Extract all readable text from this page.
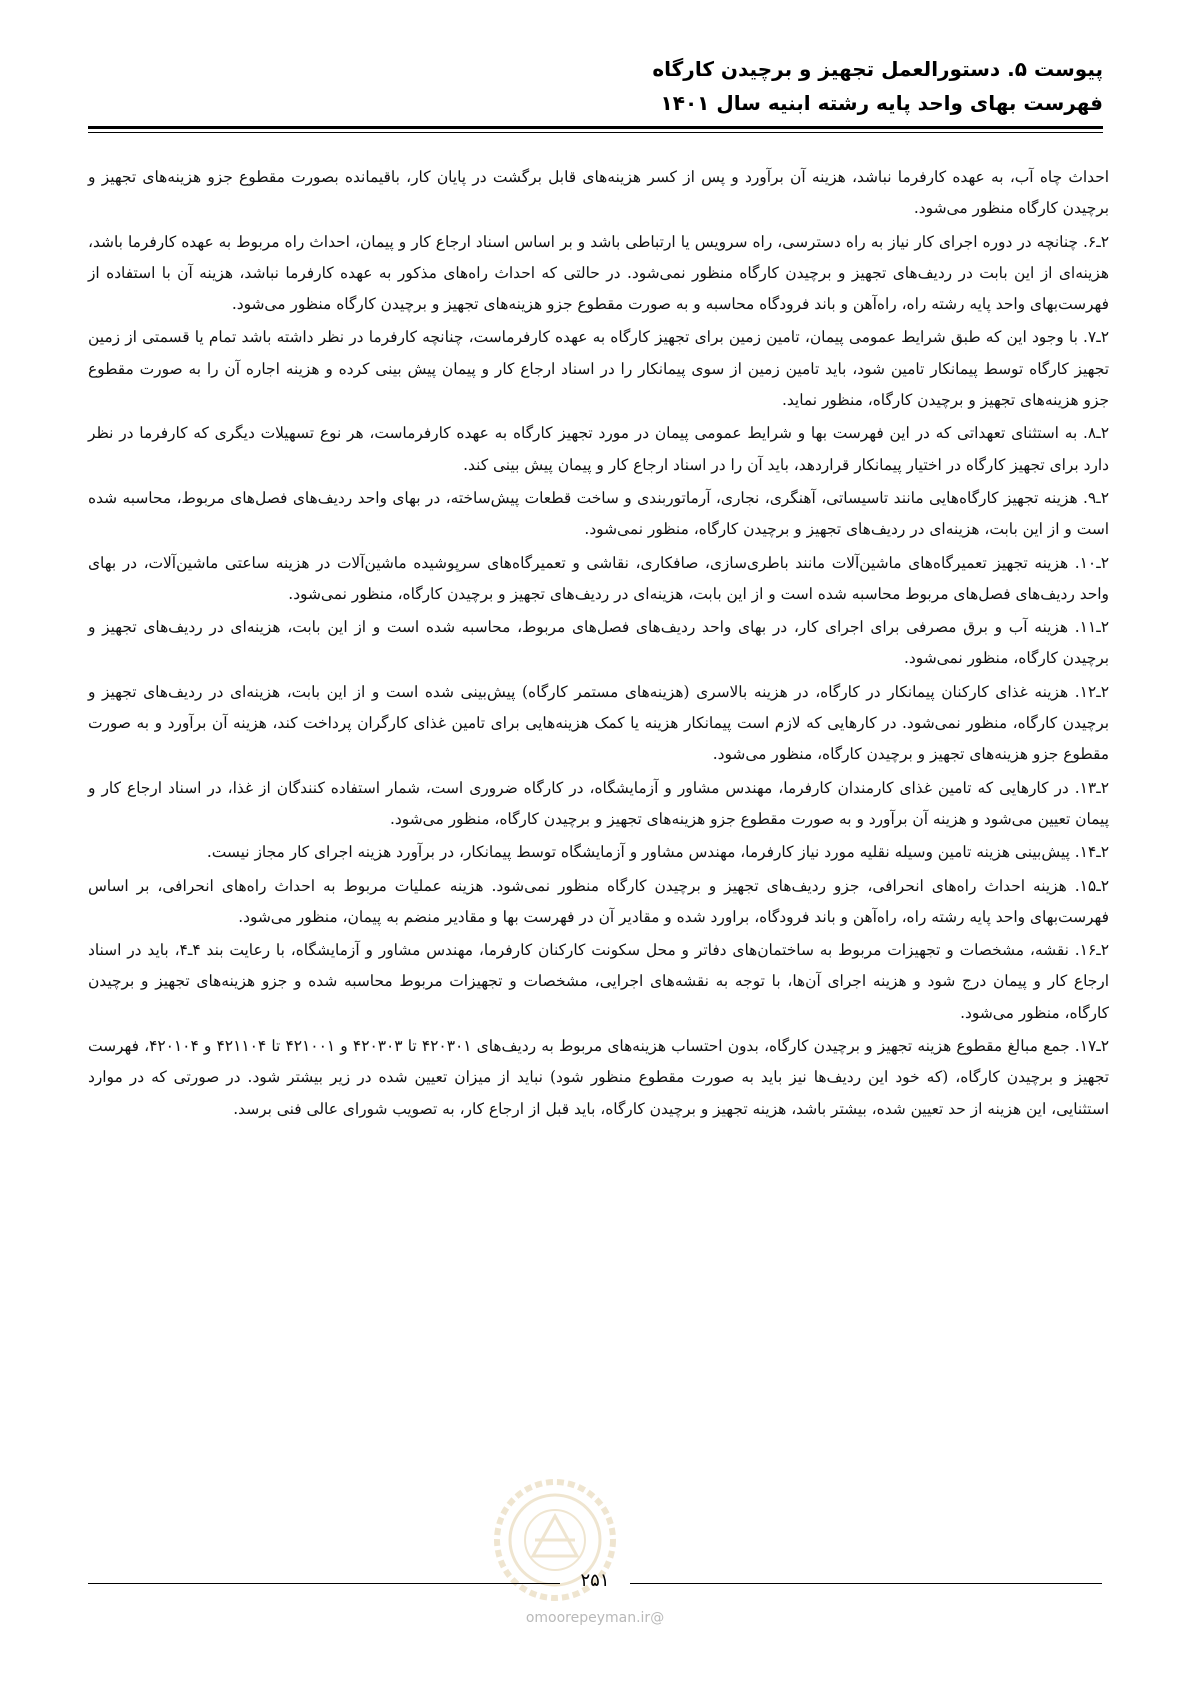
پیوست ۵. دستورالعمل تجهیز و برچیدن کارگاه
فهرست بهای واحد پایه رشته ابنیه سال ۱۴۰۱

احداث چاه آب، به عهده کارفرما نباشد، هزینه آن برآورد و پس از کسر هزینه‌های قابل برگشت در پایان کار، باقیمانده بصورت مقطوع جزو هزینه‌های تجهیز و برچیدن کارگاه منظور می‌شود.

۲ـ۶. چنانچه در دوره اجرای کار نیاز به راه دسترسی، راه سرویس یا ارتباطی باشد و بر اساس اسناد ارجاع کار و پیمان، احداث راه مربوط به عهده کارفرما باشد، هزینه‌ای از این بابت در ردیف‌های تجهیز و برچیدن کارگاه منظور نمی‌شود. در حالتی که احداث راه‌های مذکور به عهده کارفرما نباشد، هزینه آن با استفاده از فهرست‌بهای واحد پایه رشته راه، راه‌آهن و باند فرودگاه محاسبه و به صورت مقطوع جزو هزینه‌های تجهیز و برچیدن کارگاه منظور می‌شود.

۲ـ۷. با وجود این که طبق شرایط عمومی پیمان، تامین زمین برای تجهیز کارگاه به عهده کارفرماست، چنانچه کارفرما در نظر داشته باشد تمام یا قسمتی از زمین تجهیز کارگاه توسط پیمانکار تامین شود، باید تامین زمین از سوی پیمانکار را در اسناد ارجاع کار و پیمان پیش بینی کرده و هزینه اجاره آن را به صورت مقطوع جزو هزینه‌های تجهیز و برچیدن کارگاه، منظور نماید.

۲ـ۸. به استثنای تعهداتی که در این فهرست بها و شرایط عمومی پیمان در مورد تجهیز کارگاه به عهده کارفرماست، هر نوع تسهیلات دیگری که کارفرما در نظر دارد برای تجهیز کارگاه در اختیار پیمانکار قراردهد، باید آن را در اسناد ارجاع کار و پیمان پیش بینی کند.

۲ـ۹. هزینه تجهیز کارگاه‌هایی مانند تاسیساتی، آهنگری، نجاری، آرماتوربندی و ساخت قطعات پیش‌ساخته، در بهای واحد ردیف‌های فصل‌های مربوط، محاسبه شده است و از این بابت، هزینه‌ای در ردیف‌های تجهیز و برچیدن کارگاه، منظور نمی‌شود.

۲ـ۱۰. هزینه تجهیز تعمیرگاه‌های ماشین‌آلات مانند باطری‌سازی، صافکاری، نقاشی و تعمیرگاه‌های سرپوشیده ماشین‌آلات در هزینه ساعتی ماشین‌آلات، در بهای واحد ردیف‌های فصل‌های مربوط محاسبه شده است و از این بابت، هزینه‌ای در ردیف‌های تجهیز و برچیدن کارگاه، منظور نمی‌شود.

۲ـ۱۱. هزینه آب و برق مصرفی برای اجرای کار، در بهای واحد ردیف‌های فصل‌های مربوط، محاسبه شده است و از این بابت، هزینه‌ای در ردیف‌های تجهیز و برچیدن کارگاه، منظور نمی‌شود.

۲ـ۱۲. هزینه غذای کارکنان پیمانکار در کارگاه، در هزینه بالاسری (هزینه‌های مستمر کارگاه) پیش‌بینی شده است و از این بابت، هزینه‌ای در ردیف‌های تجهیز و برچیدن کارگاه، منظور نمی‌شود. در کارهایی که لازم است پیمانکار هزینه یا کمک هزینه‌هایی برای تامین غذای کارگران پرداخت کند، هزینه آن برآورد و به صورت مقطوع جزو هزینه‌های تجهیز و برچیدن کارگاه، منظور می‌شود.

۲ـ۱۳. در کارهایی که تامین غذای کارمندان کارفرما، مهندس مشاور و آزمایشگاه، در کارگاه ضروری است، شمار استفاده کنندگان از غذا، در اسناد ارجاع کار و پیمان تعیین می‌شود و هزینه آن برآورد و به صورت مقطوع جزو هزینه‌های تجهیز و برچیدن کارگاه، منظور می‌شود.

۲ـ۱۴. پیش‌بینی هزینه تامین وسیله نقلیه مورد نیاز کارفرما، مهندس مشاور و آزمایشگاه توسط پیمانکار، در برآورد هزینه اجرای کار مجاز نیست.

۲ـ۱۵. هزینه احداث راه‌های انحرافی، جزو ردیف‌های تجهیز و برچیدن کارگاه منظور نمی‌شود. هزینه عملیات مربوط به احداث راه‌های انحرافی، بر اساس فهرست‌بهای واحد پایه رشته راه، راه‌آهن و باند فرودگاه، براورد شده و مقادیر آن در فهرست بها و مقادیر منضم به پیمان، منظور می‌شود.

۲ـ۱۶. نقشه، مشخصات و تجهیزات مربوط به ساختمان‌های دفاتر و محل سکونت کارکنان کارفرما، مهندس مشاور و آزمایشگاه، با رعایت بند ۴ـ۴، باید در اسناد ارجاع کار و پیمان درج شود و هزینه اجرای آن‌ها، با توجه به نقشه‌های اجرایی، مشخصات و تجهیزات مربوط محاسبه شده و جزو هزینه‌های تجهیز و برچیدن کارگاه، منظور می‌شود.

۲ـ۱۷. جمع مبالغ مقطوع هزینه تجهیز و برچیدن کارگاه، بدون احتساب هزینه‌های مربوط به ردیف‌های ۴۲۰۳۰۱ تا ۴۲۰۳۰۳ و ۴۲۱۰۰۱ تا ۴۲۱۱۰۴ و ۴۲۰۱۰۴، فهرست تجهیز و برچیدن کارگاه، (که خود این ردیف‌ها نیز باید به صورت مقطوع منظور شود) نباید از میزان تعیین شده در زیر بیشتر شود. در صورتی که در موارد استثنایی، این هزینه از حد تعیین شده، بیشتر باشد، هزینه تجهیز و برچیدن کارگاه، باید قبل از ارجاع کار، به تصویب شورای عالی فنی برسد.

۲۵۱
@omoorepeyman.ir
